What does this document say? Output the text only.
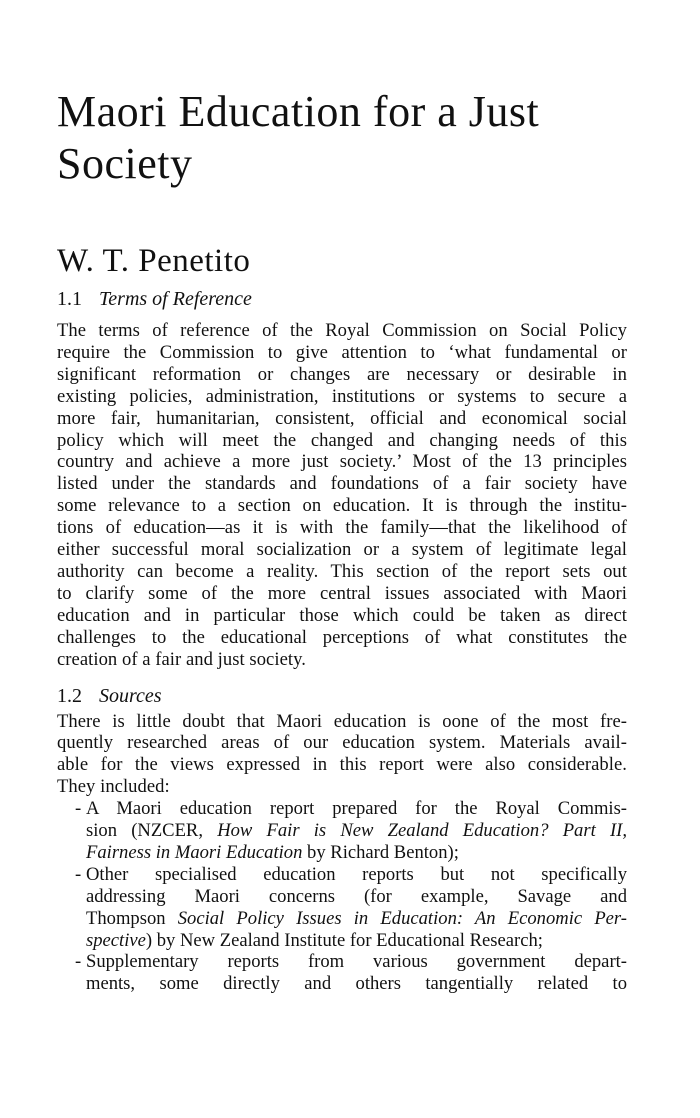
Maori Education for a Just
Society
W. T. Penetito
1.1 Terms of Reference
The terms of reference of the Royal Commission on Social Policy
require the Commission to give attention to ‘what fundamental or
significant reformation or changes are necessary or desirable in
existing policies, administration, institutions or systems to secure a
more fair, humanitarian, consistent, official and economical social
policy which will meet the changed and changing needs of this
country and achieve a more just society.’ Most of the 13 principles
listed under the standards and foundations of a fair society have
some relevance to a section on education. It is through the institu-
tions of education—as it is with the family—that the likelihood of
either successful moral socialization or a system of legitimate legal
authority can become a reality. This section of the report sets out
to clarify some of the more central issues associated with Maori
education and in particular those which could be taken as direct
challenges to the educational perceptions of what constitutes the
creation of a fair and just society.
1.2 Sources
There is little doubt that Maori education is oone of the most fre-
quently researched areas of our education system. Materials avail-
able for the views expressed in this report were also considerable.
They included:
- A Maori education report prepared for the Royal Commis-
sion (NZCER, How Fair is New Zealand Education? Part II,
Fairness in Maori Education by Richard Benton);
- Other specialised education reports but not specifically
addressing Maori concerns (for example, Savage and
Thompson Social Policy Issues in Education: An Economic Per-
spective) by New Zealand Institute for Educational Research;
- Supplementary reports from various government depart-
ments, some directly and others tangentially related to
